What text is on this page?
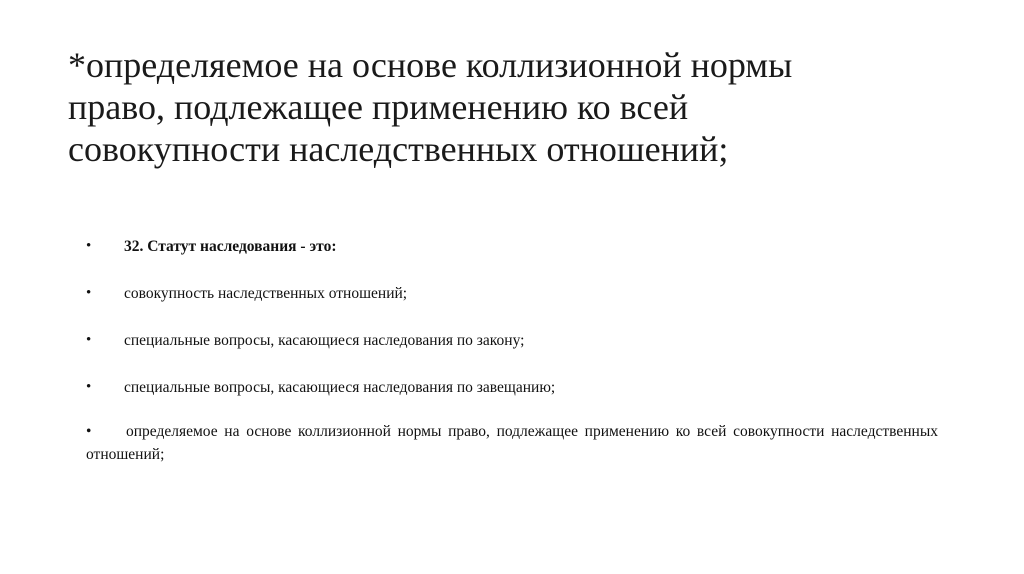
*определяемое на основе коллизионной нормы
право, подлежащее применению ко всей
совокупности наследственных отношений;
• 32. Статут наследования - это:
• совокупность наследственных отношений;
• специальные вопросы, касающиеся наследования по закону;
• специальные вопросы, касающиеся наследования по завещанию;

• определяемое на основе коллизионной нормы право, подлежащее применению ко всей совокупности наследственных отношений;
